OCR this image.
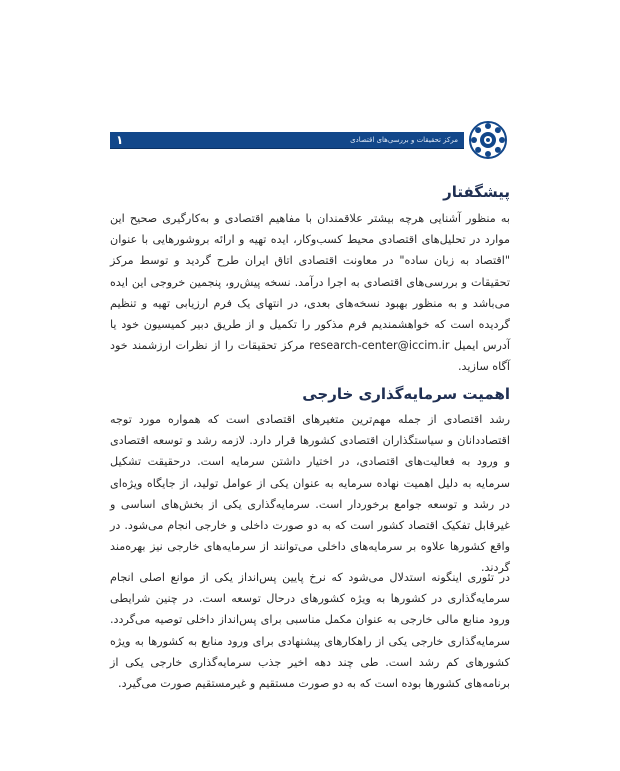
۱	مرکز تحقیقات و بررسی‌های اقتصادی
پیشگفتار

به منظور آشنایی هرچه بیشتر علاقمندان با مفاهیم اقتصادی و به‌کارگیری صحیح این موارد در تحلیل‌های اقتصادی محیط کسب‌وکار، ایده تهیه و ارائه بروشورهایی با عنوان "اقتصاد به زبان ساده" در معاونت اقتصادی اتاق ایران طرح گردید و توسط مرکز تحقیقات و بررسی‌های اقتصادی به اجرا درآمد. نسخه پیش‌رو، پنجمین خروجی این ایده می‌باشد و به منظور بهبود نسخه‌های بعدی، در انتهای یک فرم ارزیابی تهیه و تنظیم گردیده است که خواهشمندیم فرم مذکور را تکمیل و از طریق دبیر کمیسیون خود یا آدرس ایمیل research-center@iccim.ir مرکز تحقیقات را از نظرات ارزشمند خود آگاه سازید.

اهمیت سرمایه‌گذاری خارجی

رشد اقتصادی از جمله مهم‌ترین متغیرهای اقتصادی است که همواره مورد توجه اقتصاددانان و سیاستگذاران اقتصادی کشورها قرار دارد. لازمه رشد و توسعه اقتصادی و ورود به فعالیت‌های اقتصادی، در اختیار داشتن سرمایه است. درحقیقت تشکیل سرمایه به دلیل اهمیت نهاده سرمایه به عنوان یکی از عوامل تولید، از جایگاه ویژه‌ای در رشد و توسعه جوامع برخوردار است. سرمایه‌گذاری یکی از بخش‌های اساسی و غیرقابل تفکیک اقتصاد کشور است که به دو صورت داخلی و خارجی انجام می‌شود. در واقع کشورها علاوه بر سرمایه‌های داخلی می‌توانند از سرمایه‌های خارجی نیز بهره‌مند گردند.

در تئوری اینگونه استدلال می‌شود که نرخ پایین پس‌انداز یکی از موانع اصلی انجام سرمایه‌گذاری در کشورها به ویژه کشورهای درحال توسعه است. در چنین شرایطی ورود منابع مالی خارجی به عنوان مکمل مناسبی برای پس‌انداز داخلی توصیه می‌گردد. سرمایه‌گذاری خارجی یکی از راهکارهای پیشنهادی برای ورود منابع به کشورها به ویژه کشورهای کم رشد است. طی چند دهه اخیر جذب سرمایه‌گذاری خارجی یکی از برنامه‌های کشورها بوده است که به دو صورت مستقیم و غیرمستقیم صورت می‌گیرد.
